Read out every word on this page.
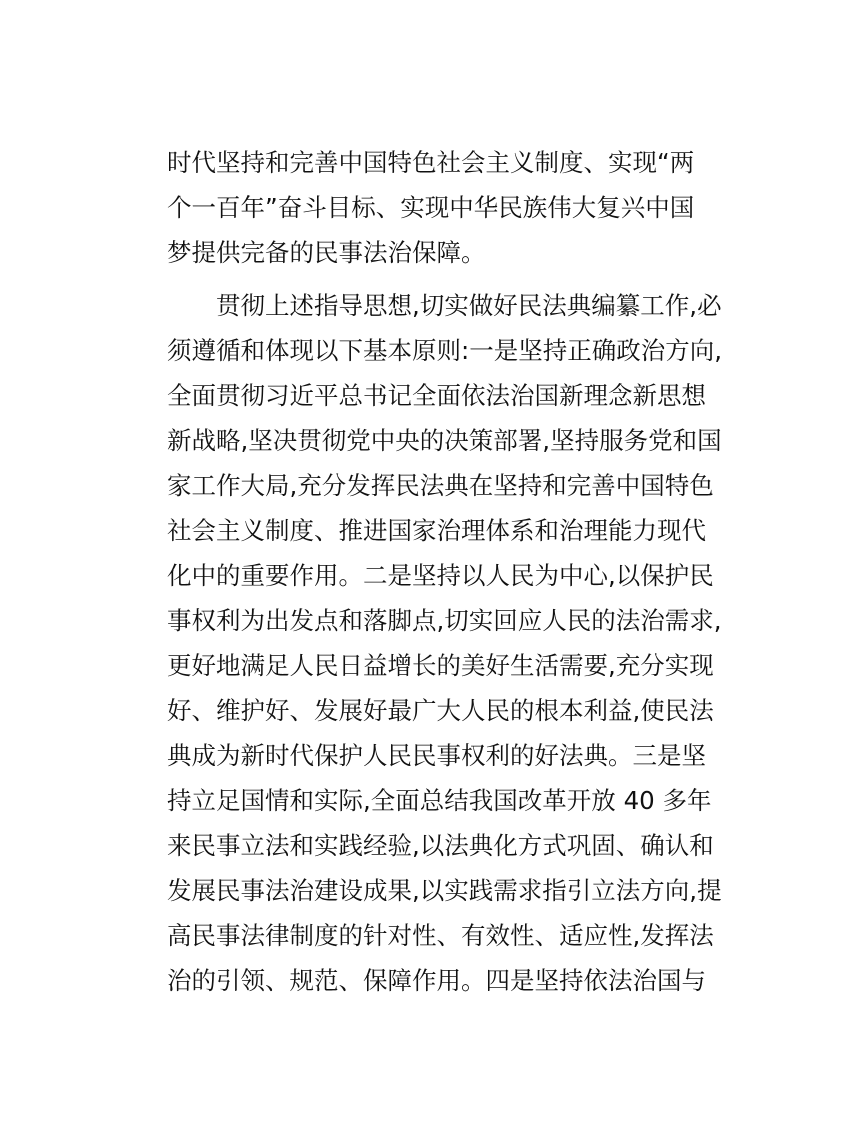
时代坚持和完善中国特色社会主义制度、实现“两
个一百年”奋斗目标、实现中华民族伟大复兴中国
梦提供完备的民事法治保障。
贯彻上述指导思想,切实做好民法典编纂工作,必
须遵循和体现以下基本原则:一是坚持正确政治方向,
全面贯彻习近平总书记全面依法治国新理念新思想
新战略,坚决贯彻党中央的决策部署,坚持服务党和国
家工作大局,充分发挥民法典在坚持和完善中国特色
社会主义制度、推进国家治理体系和治理能力现代
化中的重要作用。二是坚持以人民为中心,以保护民
事权利为出发点和落脚点,切实回应人民的法治需求,
更好地满足人民日益增长的美好生活需要,充分实现
好、维护好、发展好最广大人民的根本利益,使民法
典成为新时代保护人民民事权利的好法典。三是坚
持立足国情和实际,全面总结我国改革开放 40 多年
来民事立法和实践经验,以法典化方式巩固、确认和
发展民事法治建设成果,以实践需求指引立法方向,提
高民事法律制度的针对性、有效性、适应性,发挥法
治的引领、规范、保障作用。四是坚持依法治国与
